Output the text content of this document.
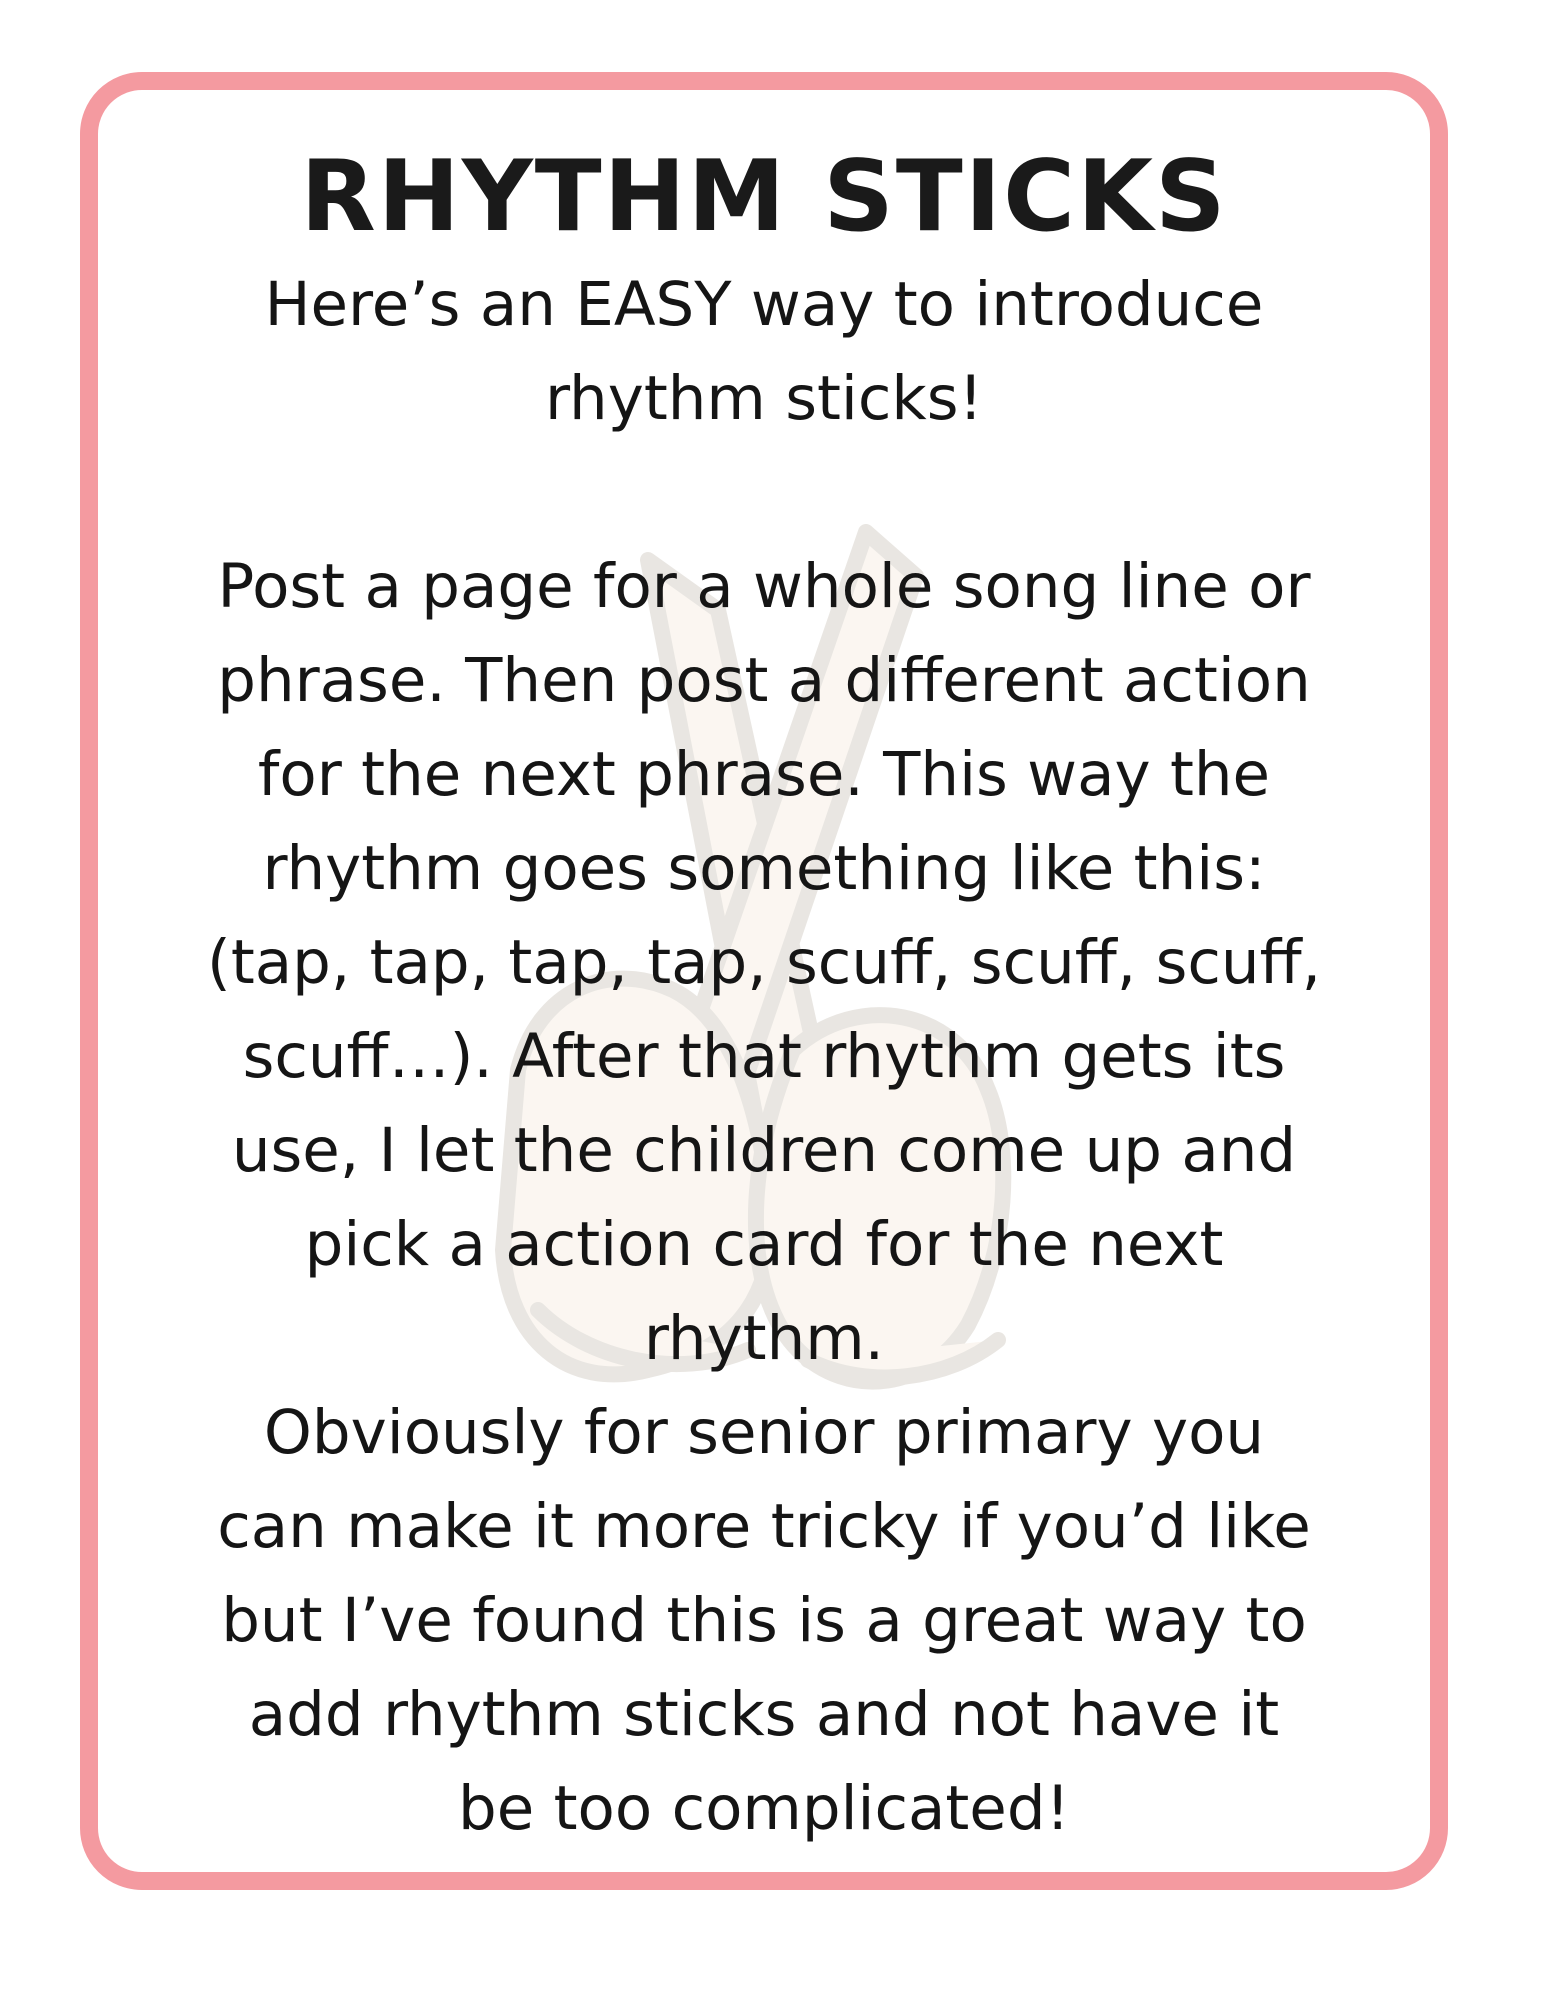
RHYTHM STICKS
Here’s an EASY way to introduce
rhythm sticks!
Post a page for a whole song line or
phrase. Then post a different action
for the next phrase. This way the
rhythm goes something like this:
(tap, tap, tap, tap, scuff, scuff, scuff,
scuff…). After that rhythm gets its
use, I let the children come up and
pick a action card for the next
rhythm.
Obviously for senior primary you
can make it more tricky if you’d like
but I’ve found this is a great way to
add rhythm sticks and not have it
be too complicated!
